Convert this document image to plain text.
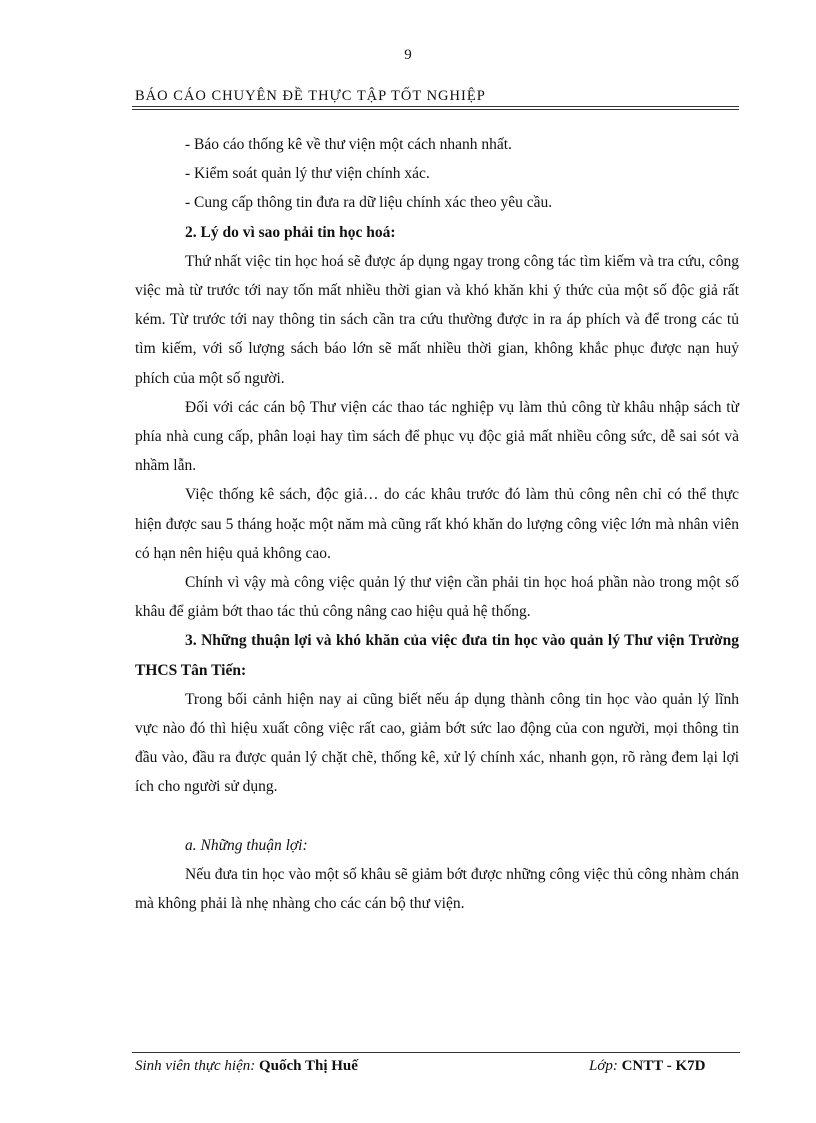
9
BÁO CÁO CHUYÊN ĐỀ THỰC TẬP TỐT NGHIỆP

- Báo cáo thống kê về thư viện một cách nhanh nhất.

- Kiểm soát quản lý thư viện chính xác.

- Cung cấp thông tin đưa ra dữ liệu chính xác theo yêu cầu.

2. Lý do vì sao phải tin học hoá:

Thứ nhất việc tin học hoá sẽ được áp dụng ngay trong công tác tìm kiếm và tra cứu, công việc mà từ trước tới nay tốn mất nhiều thời gian và khó khăn khi ý thức của một số độc giả rất kém. Từ trước tới nay thông tin sách cần tra cứu thường được in ra áp phích và để trong các tủ tìm kiếm, với số lượng sách báo lớn sẽ mất nhiều thời gian, không khắc phục được nạn huỷ phích của một số người.

Đối với các cán bộ Thư viện các thao tác nghiệp vụ làm thủ công từ khâu nhập sách từ phía nhà cung cấp, phân loại hay tìm sách để phục vụ độc giả mất nhiều công sức, dễ sai sót và nhầm lẫn.

Việc thống kê sách, độc giả… do các khâu trước đó làm thủ công nên chỉ có thể thực hiện được sau 5 tháng hoặc một năm mà cũng rất khó khăn do lượng công việc lớn mà nhân viên có hạn nên hiệu quả không cao.

Chính vì vậy mà công việc quản lý thư viện cần phải tin học hoá phần nào trong một số khâu để giảm bớt thao tác thủ công nâng cao hiệu quả hệ thống.

3. Những thuận lợi và khó khăn của việc đưa tin học vào quản lý Thư viện Trường THCS Tân Tiến:

Trong bối cảnh hiện nay ai cũng biết nếu áp dụng thành công tin học vào quản lý lĩnh vực nào đó thì hiệu xuất công việc rất cao, giảm bớt sức lao động của con người, mọi thông tin đầu vào, đầu ra được quản lý chặt chẽ, thống kê, xử lý chính xác, nhanh gọn, rõ ràng đem lại lợi ích cho người sử dụng.

a. Những thuận lợi:

Nếu đưa tin học vào một số khâu sẽ giảm bớt được những công việc thủ công nhàm chán mà không phải là nhẹ nhàng cho các cán bộ thư viện.

Sinh viên thực hiện: Quốch Thị Huế	Lớp: CNTT - K7D
